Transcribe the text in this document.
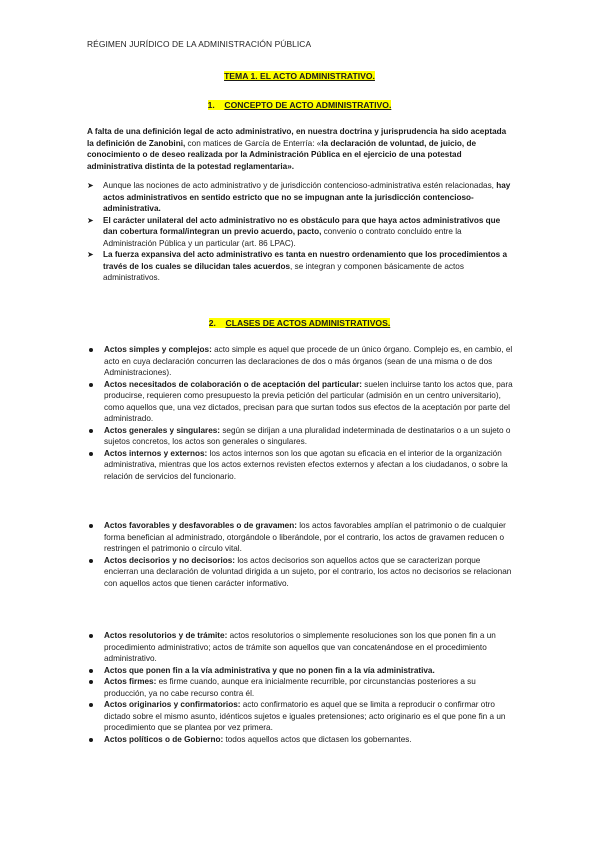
RÉGIMEN JURÍDICO DE LA ADMINISTRACIÓN PÚBLICA
TEMA 1. EL ACTO ADMINISTRATIVO.
1. CONCEPTO DE ACTO ADMINISTRATIVO.
A falta de una definición legal de acto administrativo, en nuestra doctrina y jurisprudencia ha sido aceptada la definición de Zanobini, con matices de García de Enterría: «la declaración de voluntad, de juicio, de conocimiento o de deseo realizada por la Administración Pública en el ejercicio de una potestad administrativa distinta de la potestad reglamentaria».
➤ Aunque las nociones de acto administrativo y de jurisdicción contencioso-administrativa estén relacionadas, hay actos administrativos en sentido estricto que no se impugnan ante la jurisdicción contencioso-administrativa.
➤ El carácter unilateral del acto administrativo no es obstáculo para que haya actos administrativos que dan cobertura formal/integran un previo acuerdo, pacto, convenio o contrato concluido entre la Administración Pública y un particular (art. 86 LPAC).
➤ La fuerza expansiva del acto administrativo es tanta en nuestro ordenamiento que los procedimientos a través de los cuales se dilucidan tales acuerdos, se integran y componen básicamente de actos administrativos.
2. CLASES DE ACTOS ADMINISTRATIVOS.
Actos simples y complejos: acto simple es aquel que procede de un único órgano. Complejo es, en cambio, el acto en cuya declaración concurren las declaraciones de dos o más órganos (sean de una misma o de dos Administraciones).
Actos necesitados de colaboración o de aceptación del particular: suelen incluirse tanto los actos que, para producirse, requieren como presupuesto la previa petición del particular (admisión en un centro universitario), como aquellos que, una vez dictados, precisan para que surtan todos sus efectos de la aceptación por parte del administrado.
Actos generales y singulares: según se dirijan a una pluralidad indeterminada de destinatarios o a un sujeto o sujetos concretos, los actos son generales o singulares.
Actos internos y externos: los actos internos son los que agotan su eficacia en el interior de la organización administrativa, mientras que los actos externos revisten efectos externos y afectan a los ciudadanos, o sobre la relación de servicios del funcionario.
Actos favorables y desfavorables o de gravamen: los actos favorables amplían el patrimonio o de cualquier forma benefician al administrado, otorgándole o liberándole, por el contrario, los actos de gravamen reducen o restringen el patrimonio o círculo vital.
Actos decisorios y no decisorios: los actos decisorios son aquellos actos que se caracterizan porque encierran una declaración de voluntad dirigida a un sujeto, por el contrario, los actos no decisorios se relacionan con aquellos actos que tienen carácter informativo.
Actos resolutorios y de trámite: actos resolutorios o simplemente resoluciones son los que ponen fin a un procedimiento administrativo; actos de trámite son aquellos que van concatenándose en el procedimiento administrativo.
Actos que ponen fin a la vía administrativa y que no ponen fin a la vía administrativa.
Actos firmes: es firme cuando, aunque era inicialmente recurrible, por circunstancias posteriores a su producción, ya no cabe recurso contra él.
Actos originarios y confirmatorios: acto confirmatorio es aquel que se limita a reproducir o confirmar otro dictado sobre el mismo asunto, idénticos sujetos e iguales pretensiones; acto originario es el que pone fin a un procedimiento que se plantea por vez primera.
Actos políticos o de Gobierno: todos aquellos actos que dictasen los gobernantes.
